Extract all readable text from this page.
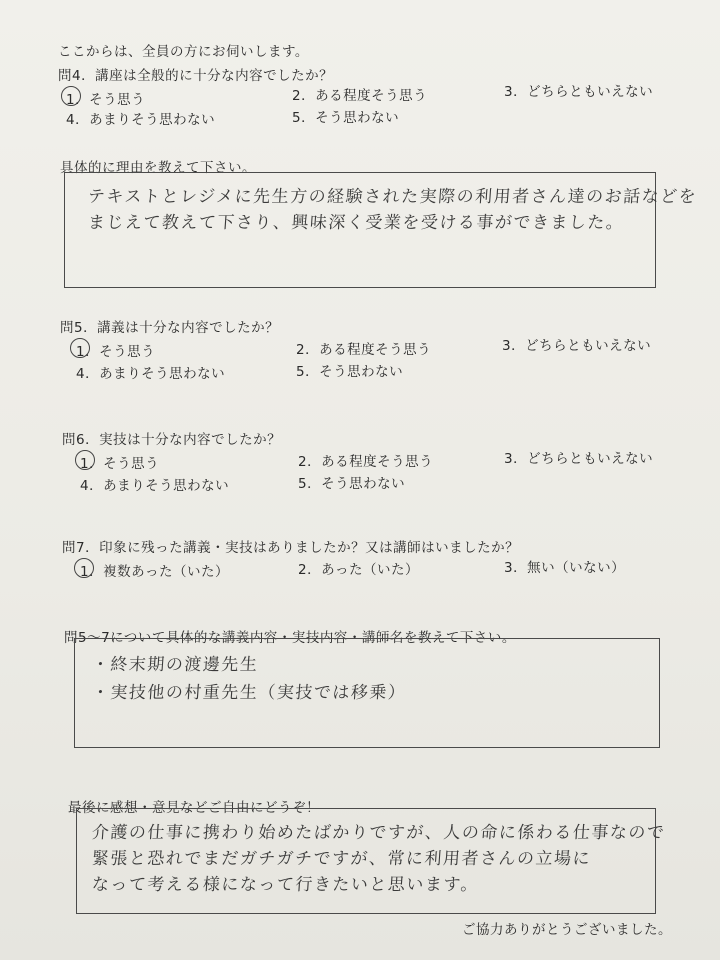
ここからは、全員の方にお伺いします。
問4．講座は全般的に十分な内容でしたか？
1．そう思う	2．ある程度そう思う	3．どちらともいえない
4．あまりそう思わない	5．そう思わない
具体的に理由を教えて下さい。
テキストとレジメに先生方の経験された実際の利用者さん達のお話などを
まじえて教えて下さり、興味深く受業を受ける事ができました。
問5．講義は十分な内容でしたか？
1．そう思う	2．ある程度そう思う	3．どちらともいえない
4．あまりそう思わない	5．そう思わない
問6．実技は十分な内容でしたか？
1．そう思う	2．ある程度そう思う	3．どちらともいえない
4．あまりそう思わない	5．そう思わない
問7．印象に残った講義・実技はありましたか？又は講師はいましたか？
1．複数あった（いた）	2．あった（いた）	3．無い（いない）
問5～7について具体的な講義内容・実技内容・講師名を教えて下さい。
・終末期の渡邊先生
・実技他の村重先生（実技では移乗）
最後に感想・意見などご自由にどうぞ！
介護の仕事に携わり始めたばかりですが、人の命に係わる仕事なので
緊張と恐れでまだガチガチですが、常に利用者さんの立場に
なって考える様になって行きたいと思います。
ご協力ありがとうございました。
